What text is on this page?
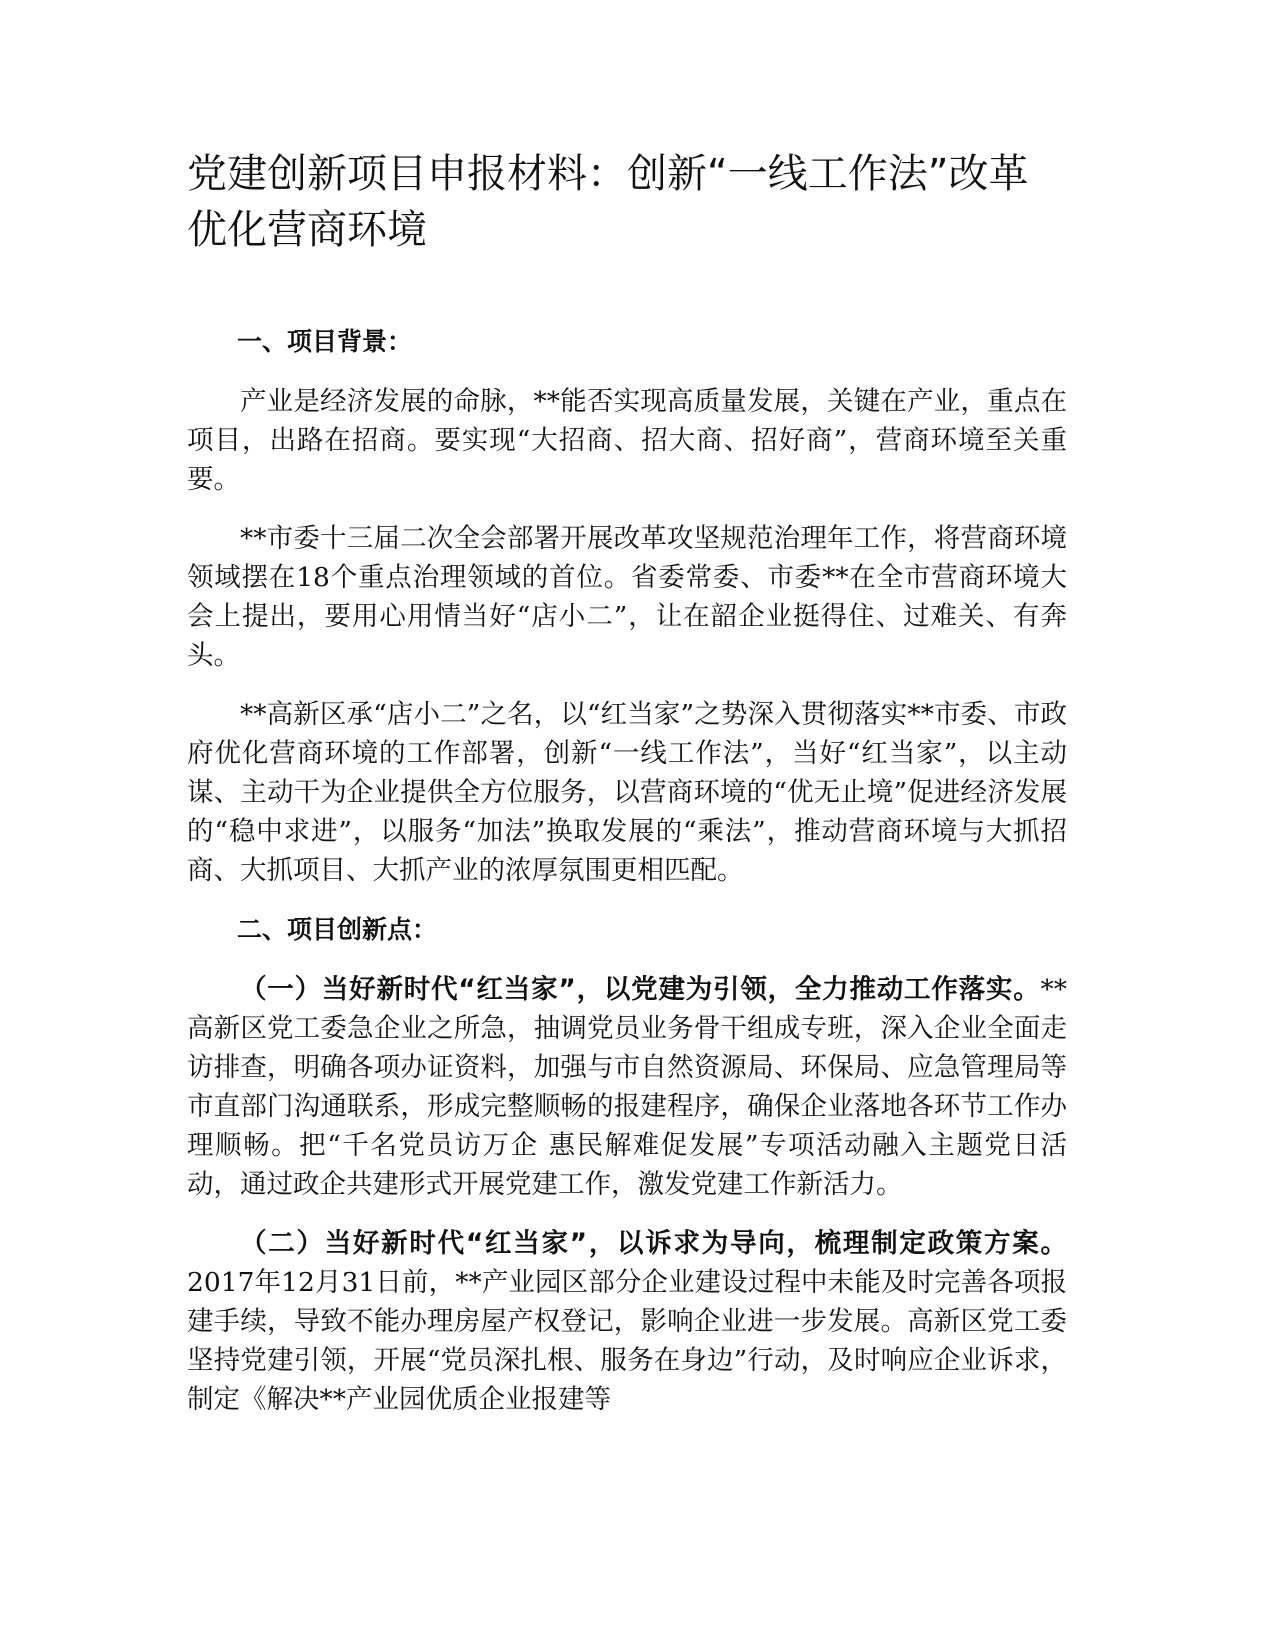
党建创新项目申报材料：创新“一线工作法”改革优化营商环境
一、项目背景：

产业是经济发展的命脉，**能否实现高质量发展，关键在产业，重点在项目，出路在招商。要实现“大招商、招大商、招好商”，营商环境至关重要。

**市委十三届二次全会部署开展改革攻坚规范治理年工作，将营商环境领域摆在18个重点治理领域的首位。省委常委、市委**在全市营商环境大会上提出，要用心用情当好“店小二”，让在韶企业挺得住、过难关、有奔头。

**高新区承“店小二”之名，以“红当家”之势深入贯彻落实**市委、市政府优化营商环境的工作部署，创新“一线工作法”，当好“红当家”，以主动谋、主动干为企业提供全方位服务，以营商环境的“优无止境”促进经济发展的“稳中求进”，以服务“加法”换取发展的“乘法”，推动营商环境与大抓招商、大抓项目、大抓产业的浓厚氛围更相匹配。

二、项目创新点：

（一）当好新时代“红当家”，以党建为引领，全力推动工作落实。**高新区党工委急企业之所急，抽调党员业务骨干组成专班，深入企业全面走访排查，明确各项办证资料，加强与市自然资源局、环保局、应急管理局等市直部门沟通联系，形成完整顺畅的报建程序，确保企业落地各环节工作办理顺畅。把“千名党员访万企 惠民解难促发展”专项活动融入主题党日活动，通过政企共建形式开展党建工作，激发党建工作新活力。

（二）当好新时代“红当家”，以诉求为导向，梳理制定政策方案。2017年12月31日前，**产业园区部分企业建设过程中未能及时完善各项报建手续，导致不能办理房屋产权登记，影响企业进一步发展。高新区党工委坚持党建引领，开展“党员深扎根、服务在身边”行动，及时响应企业诉求，制定《解决**产业园优质企业报建等
